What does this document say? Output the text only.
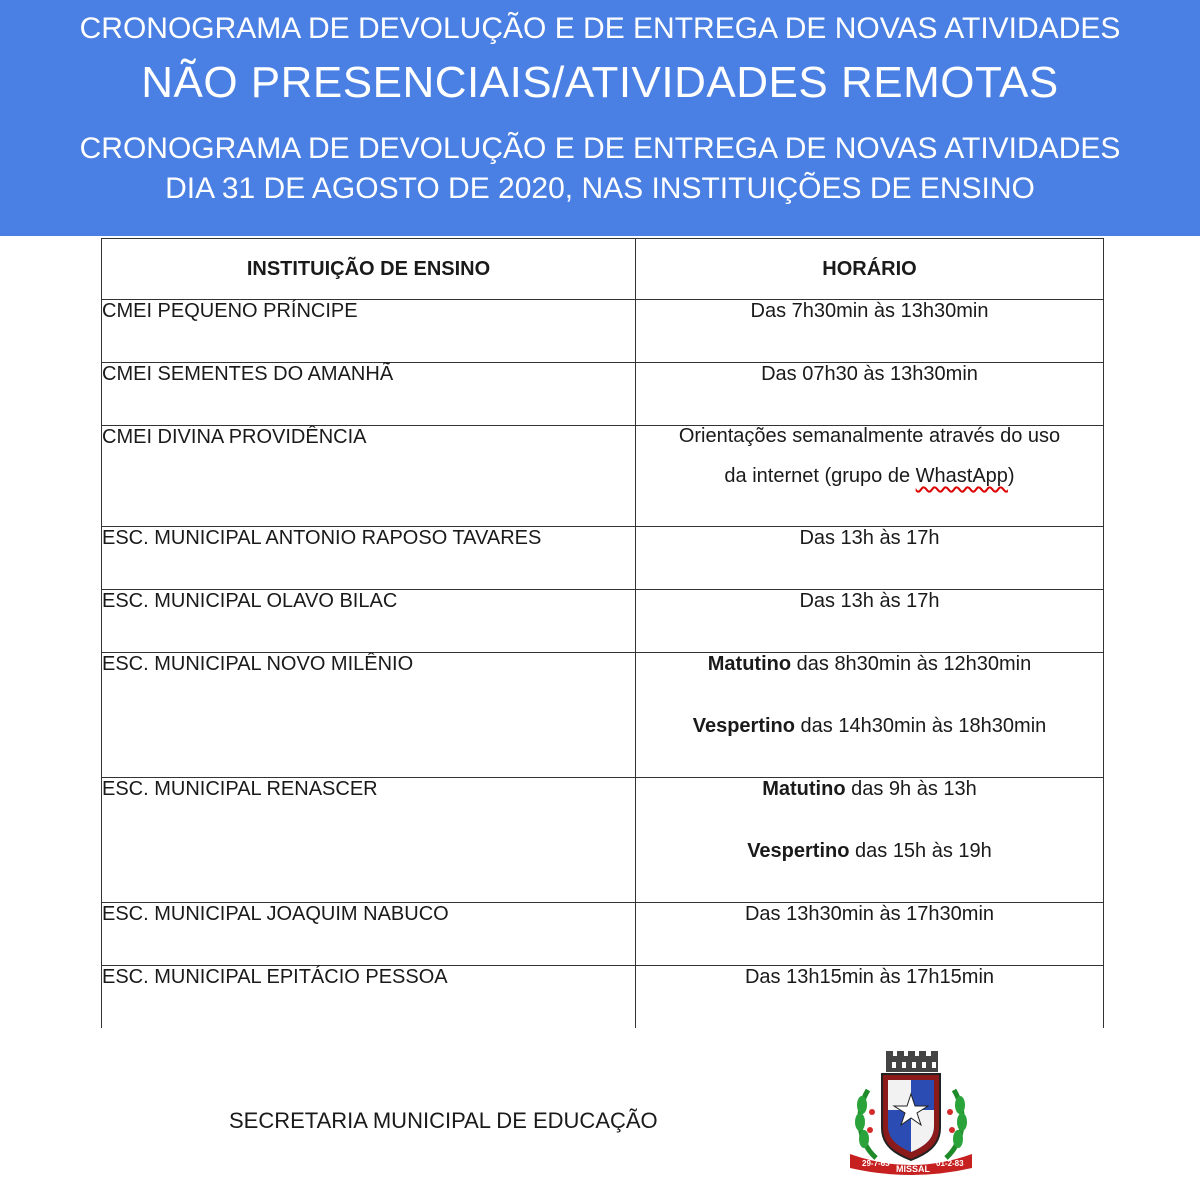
CRONOGRAMA DE DEVOLUÇÃO E DE ENTREGA DE NOVAS ATIVIDADES
NÃO PRESENCIAIS/ATIVIDADES REMOTAS
CRONOGRAMA DE DEVOLUÇÃO E DE ENTREGA DE NOVAS ATIVIDADES
DIA 31 DE AGOSTO DE 2020, NAS INSTITUIÇÕES DE ENSINO
INSTITUIÇÃO DE ENSINO	HORÁRIO
CMEI PEQUENO PRÍNCIPE	Das 7h30min às 13h30min
CMEI SEMENTES DO AMANHÃ	Das 07h30 às 13h30min
CMEI DIVINA PROVIDÊNCIA	Orientações semanalmente através do uso
da internet (grupo de WhastApp)

ESC. MUNICIPAL ANTONIO RAPOSO TAVARES	Das 13h às 17h
ESC. MUNICIPAL OLAVO BILAC	Das 13h às 17h
ESC. MUNICIPAL NOVO MILÊNIO	Matutino das 8h30min às 12h30min
Vespertino das 14h30min às 18h30min

ESC. MUNICIPAL RENASCER	Matutino das 9h às 13h
Vespertino das 15h às 19h

ESC. MUNICIPAL JOAQUIM NABUCO	Das 13h30min às 17h30min
ESC. MUNICIPAL EPITÁCIO PESSOA	Das 13h15min às 17h15min
SECRETARIA MUNICIPAL DE EDUCAÇÃO
29-7-63
MISSAL
01-2-83
